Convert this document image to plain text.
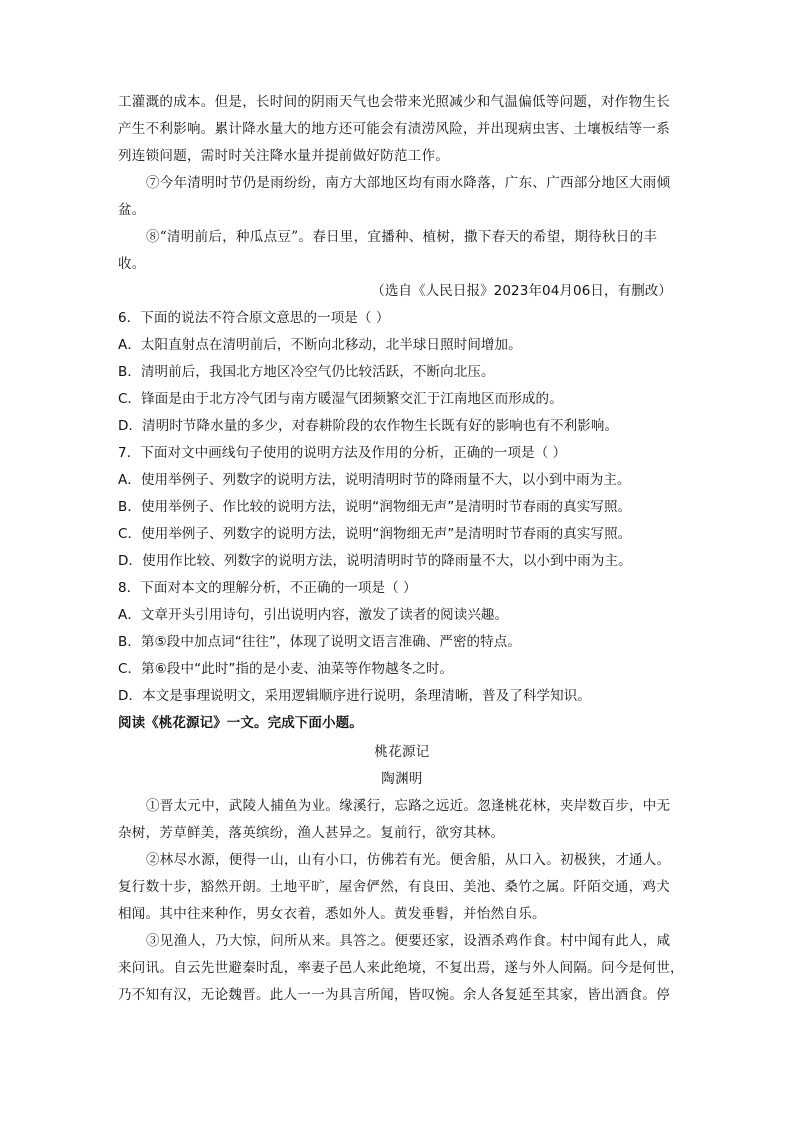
工灌溉的成本。但是，长时间的阴雨天气也会带来光照减少和气温偏低等问题，对作物生长
产生不利影响。累计降水量大的地方还可能会有渍涝风险，并出现病虫害、土壤板结等一系
列连锁问题，需时时关注降水量并提前做好防范工作。
⑦今年清明时节仍是雨纷纷，南方大部地区均有雨水降落，广东、广西部分地区大雨倾
盆。
⑧“清明前后，种瓜点豆”。春日里，宜播种、植树，撒下春天的希望，期待秋日的丰
收。
（选自《人民日报》2023年04月06日，有删改）
6．下面的说法不符合原文意思的一项是（ ）
A．太阳直射点在清明前后，不断向北移动，北半球日照时间增加。
B．清明前后，我国北方地区冷空气仍比较活跃，不断向北压。
C．锋面是由于北方冷气团与南方暖湿气团频繁交汇于江南地区而形成的。
D．清明时节降水量的多少，对春耕阶段的农作物生长既有好的影响也有不利影响。
7．下面对文中画线句子使用的说明方法及作用的分析，正确的一项是（ ）
A．使用举例子、列数字的说明方法，说明清明时节的降雨量不大，以小到中雨为主。
B．使用举例子、作比较的说明方法，说明“润物细无声”是清明时节春雨的真实写照。
C．使用举例子、列数字的说明方法，说明“润物细无声”是清明时节春雨的真实写照。
D．使用作比较、列数字的说明方法，说明清明时节的降雨量不大，以小到中雨为主。
8．下面对本文的理解分析，不正确的一项是（ ）
A．文章开头引用诗句，引出说明内容，激发了读者的阅读兴趣。
B．第⑤段中加点词“往往”，体现了说明文语言准确、严密的特点。
C．第⑥段中“此时”指的是小麦、油菜等作物越冬之时。
D．本文是事理说明文，采用逻辑顺序进行说明，条理清晰，普及了科学知识。
阅读《桃花源记》一文。完成下面小题。
桃花源记
陶渊明
①晋太元中，武陵人捕鱼为业。缘溪行，忘路之远近。忽逢桃花林，夹岸数百步，中无
杂树，芳草鲜美，落英缤纷，渔人甚异之。复前行，欲穷其林。
②林尽水源，便得一山，山有小口，仿佛若有光。便舍船，从口入。初极狭，才通人。
复行数十步，豁然开朗。土地平旷，屋舍俨然，有良田、美池、桑竹之属。阡陌交通，鸡犬
相闻。其中往来种作，男女衣着，悉如外人。黄发垂髫，并怡然自乐。
③见渔人，乃大惊，问所从来。具答之。便要还家，设酒杀鸡作食。村中闻有此人，咸
来问讯。自云先世避秦时乱，率妻子邑人来此绝境，不复出焉，遂与外人间隔。问今是何世，
乃不知有汉，无论魏晋。此人一一为具言所闻，皆叹惋。余人各复延至其家，皆出酒食。停
